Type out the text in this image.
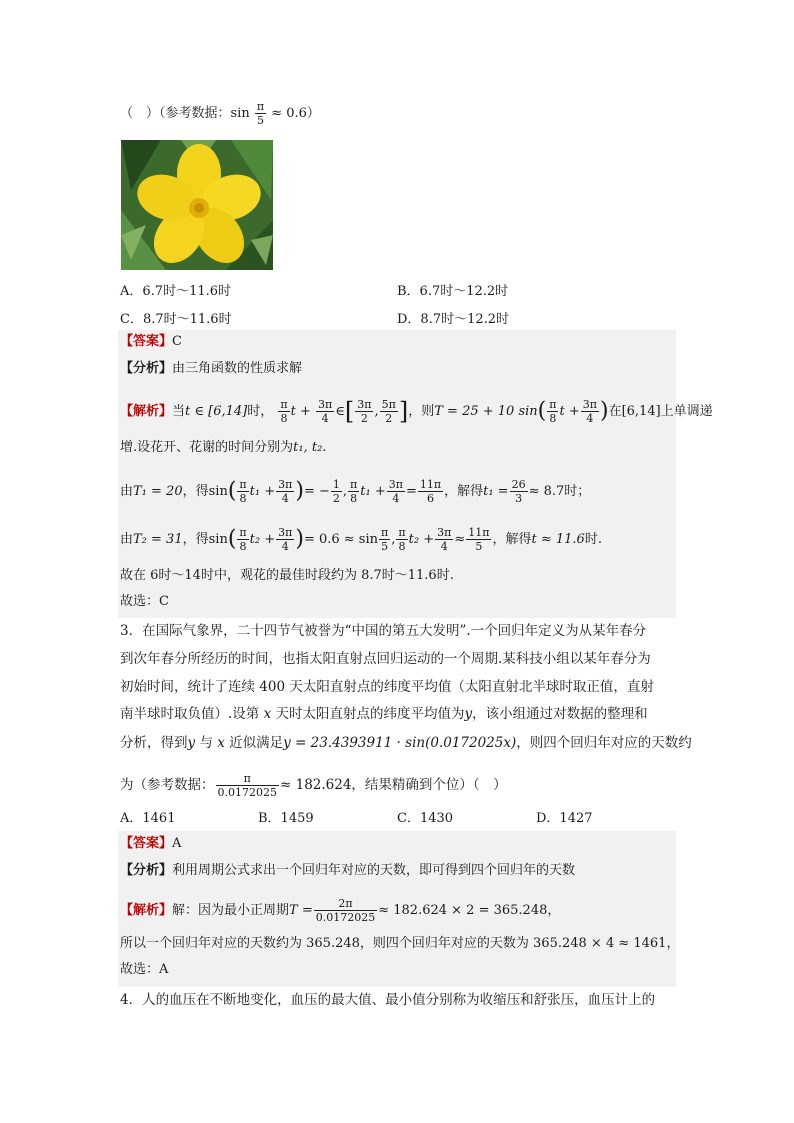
（　）（参考数据：$\sin \frac{\pi}{5} \approx 0.6$）
A．6.7时～11.6时	B．6.7时～12.2时
C．8.7时～11.6时	D．8.7时～12.2时
【答案】C
【分析】由三角函数的性质求解
【解析】当t ∈ [6,14]时， $\frac{\pi}{8}$ $t + \frac{3\pi}{4}$ ∈[ $\frac{3\pi}{2}$ , $\frac{5\pi}{2}$ ]，则T = 25 + 10 $\sin( \frac{\pi}{8}$ $t + \frac{3\pi}{4}$ )在[6,14]上单调递
增.设花开、花谢的时间分别为t₁, t₂.
由T₁ = 20，得$\sin( \frac{\pi}{8} t_1 + \frac{3\pi}{4}$ )= − $\frac{1}{2}$ , $\frac{\pi}{8} t_1 + \frac{3\pi}{4} = \frac{11\pi}{6}$ ，解得$t_1 = \frac{26}{3} \approx 8.7$时；
由T₂ = 31，得$\sin( \frac{\pi}{8} t_2 + \frac{3\pi}{4}$ )= $0.6 \approx \sin \frac{\pi}{5}$ , $\frac{\pi}{8} t_2 + \frac{3\pi}{4} \approx \frac{11\pi}{5}$ ，解得t ≈ 11.6时.
故在 6时～14时中，观花的最佳时段约为 8.7时～11.6时.
故选：C
3．在国际气象界，二十四节气被誉为“中国的第五大发明”.一个回归年定义为从某年春分
到次年春分所经历的时间，也指太阳直射点回归运动的一个周期.某科技小组以某年春分为
初始时间，统计了连续 400 天太阳直射点的纬度平均值（太阳直射北半球时取正值，直射
南半球时取负值）.设第 x 天时太阳直射点的纬度平均值为y，该小组通过对数据的整理和
分析，得到y 与 x 近似满足y = 23.4393911 · sin(0.0172025x)，则四个回归年对应的天数约
为（参考数据： $\frac{\pi}{0.0172025} \approx 182.624$，结果精确到个位）（　）
A．1461	B．1459	C．1430	D．1427
【答案】A
【分析】利用周期公式求出一个回归年对应的天数，即可得到四个回归年的天数
【解析】解：因为最小正周期$T = \frac{2\pi}{0.0172025} \approx 182.624 \times 2 = 365.248$，
所以一个回归年对应的天数约为 365.248，则四个回归年对应的天数为 365.248 × 4 ≈ 1461，
故选：A
4．人的血压在不断地变化，血压的最大值、最小值分别称为收缩压和舒张压，血压计上的
